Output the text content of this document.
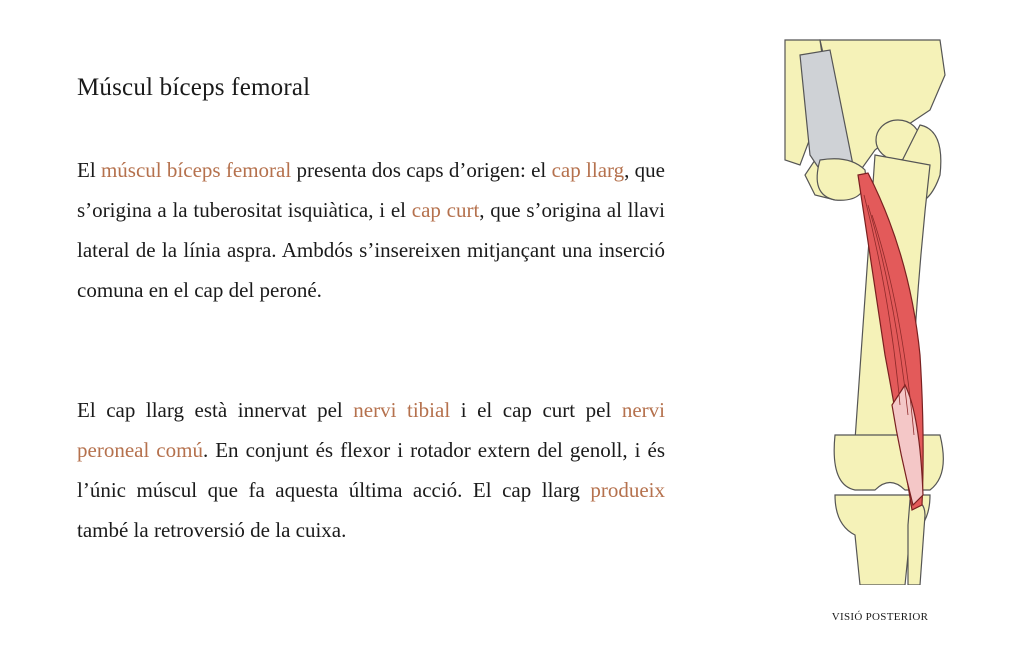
Múscul bíceps femoral
El múscul bíceps femoral presenta dos caps d’origen: el cap llarg, que s’origina a la tuberositat isquiàtica, i el cap curt, que s’origina al llavi lateral de la línia aspra. Ambdós s’insereixen mitjançant una inserció comuna en el cap del peroné.
El cap llarg està innervat pel nervi tibial i el cap curt pel nervi peroneal comú. En conjunt és flexor i rotador extern del genoll, i és l’únic múscul que fa aquesta última acció. El cap llarg produeix també la retroversió de la cuixa.
VISIÓ POSTERIOR
